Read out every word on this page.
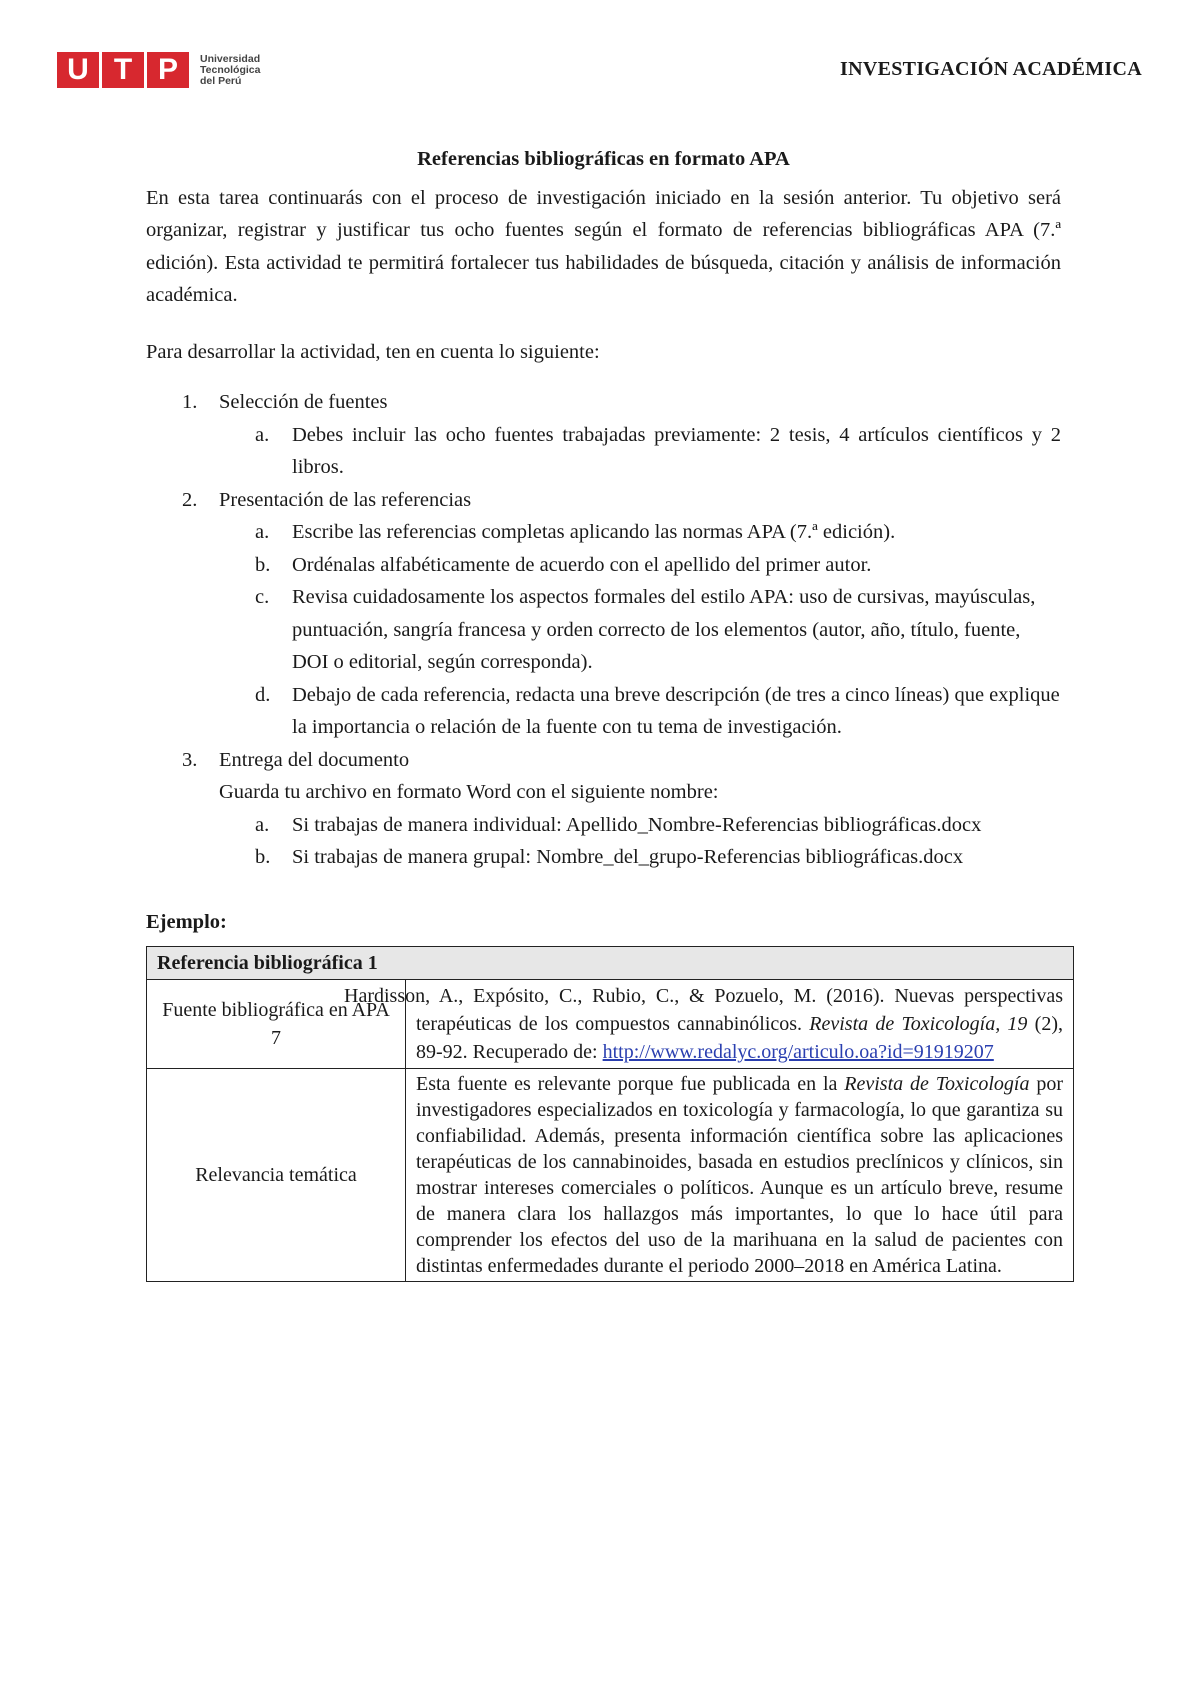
U T P	Universidad
Tecnológica
del Perú
INVESTIGACIÓN ACADÉMICA
Referencias bibliográficas en formato APA

En esta tarea continuarás con el proceso de investigación iniciado en la sesión anterior. Tu objetivo será organizar, registrar y justificar tus ocho fuentes según el formato de referencias bibliográficas APA (7.ª edición). Esta actividad te permitirá fortalecer tus habilidades de búsqueda, citación y análisis de información académica.

Para desarrollar la actividad, ten en cuenta lo siguiente:

1. Selección de fuentes
a. Debes incluir las ocho fuentes trabajadas previamente: 2 tesis, 4 artículos científicos y 2 libros.
2. Presentación de las referencias
a. Escribe las referencias completas aplicando las normas APA (7.ª edición).
b. Ordénalas alfabéticamente de acuerdo con el apellido del primer autor.
c. Revisa cuidadosamente los aspectos formales del estilo APA: uso de cursivas, mayúsculas, puntuación, sangría francesa y orden correcto de los elementos (autor, año, título, fuente, DOI o editorial, según corresponda).
d. Debajo de cada referencia, redacta una breve descripción (de tres a cinco líneas) que explique la importancia o relación de la fuente con tu tema de investigación.
3. Entrega del documento
Guarda tu archivo en formato Word con el siguiente nombre:
a. Si trabajas de manera individual: Apellido_Nombre-Referencias bibliográficas.docx
b. Si trabajas de manera grupal: Nombre_del_grupo-Referencias bibliográficas.docx
Ejemplo:
Referencia bibliográfica 1	
Fuente bibliográfica en APA 7	Hardisson, A., Expósito, C., Rubio, C., & Pozuelo, M. (2016). Nuevas perspectivas terapéuticas de los compuestos cannabinólicos. Revista de Toxicología, 19 (2), 89-92. Recuperado de: http://www.redalyc.org/articulo.oa?id=91919207
Relevancia temática	Esta fuente es relevante porque fue publicada en la Revista de Toxicología por investigadores especializados en toxicología y farmacología, lo que garantiza su confiabilidad. Además, presenta información científica sobre las aplicaciones terapéuticas de los cannabinoides, basada en estudios preclínicos y clínicos, sin mostrar intereses comerciales o políticos. Aunque es un artículo breve, resume de manera clara los hallazgos más importantes, lo que lo hace útil para comprender los efectos del uso de la marihuana en la salud de pacientes con distintas enfermedades durante el periodo 2000–2018 en América Latina.
